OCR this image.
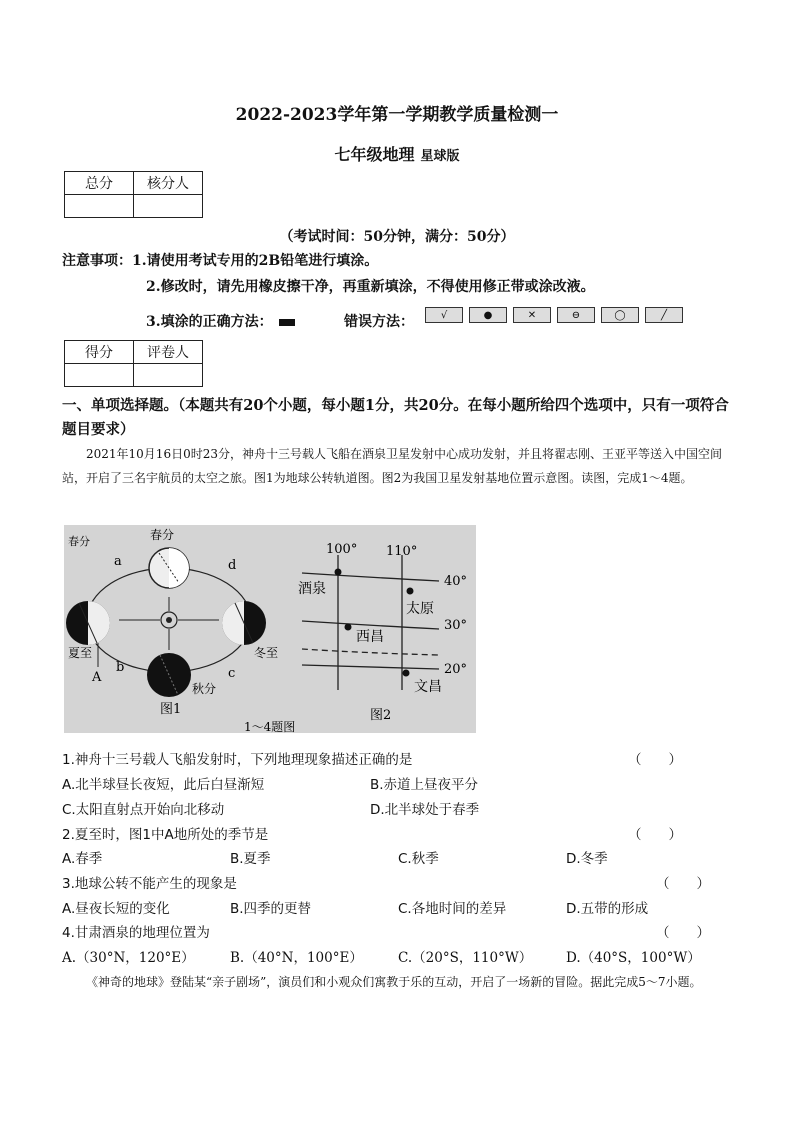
2022-2023学年第一学期教学质量检测一
七年级地理 星球版
总分	核分人

（考试时间：50分钟，满分：50分）
注意事项：1.请使用考试专用的2B铅笔进行填涂。
2.修改时，请先用橡皮擦干净，再重新填涂，不得使用修正带或涂改液。
3.填涂的正确方法：	错误方法：	√	●	✕	⊖	◯	╱
得分	评卷人

一、单项选择题。（本题共有20个小题，每小题1分，共20分。在每小题所给四个选项中，只有一项符合题目要求）
2021年10月16日0时23分，神舟十三号载人飞船在酒泉卫星发射中心成功发射，并且将翟志刚、王亚平等送入中国空间站，开启了三名宇航员的太空之旅。图1为地球公转轨道图。图2为我国卫星发射基地位置示意图。读图，完成1～4题。
春分	春分
a	d
b	c
夏至	冬至
秋分
A
图1
1～4题图
100° 110°
40°
30°
20°
酒泉
太原
西昌
文昌
图2
1.神舟十三号载人飞船发射时，下列地理现象描述正确的是	（　　）
A.北半球昼长夜短，此后白昼渐短	B.赤道上昼夜平分
C.太阳直射点开始向北移动	D.北半球处于春季
2.夏至时，图1中A地所处的季节是	（　　）
A.春季	B.夏季	C.秋季	D.冬季
3.地球公转不能产生的现象是	（　　）
A.昼夜长短的变化	B.四季的更替	C.各地时间的差异	D.五带的形成
4.甘肃酒泉的地理位置为	（　　）
A.（30°N，120°E）	B.（40°N，100°E）	C.（20°S，110°W）	D.（40°S，100°W）
《神奇的地球》登陆某“亲子剧场”，演员们和小观众们寓教于乐的互动，开启了一场新的冒险。据此完成5～7小题。
